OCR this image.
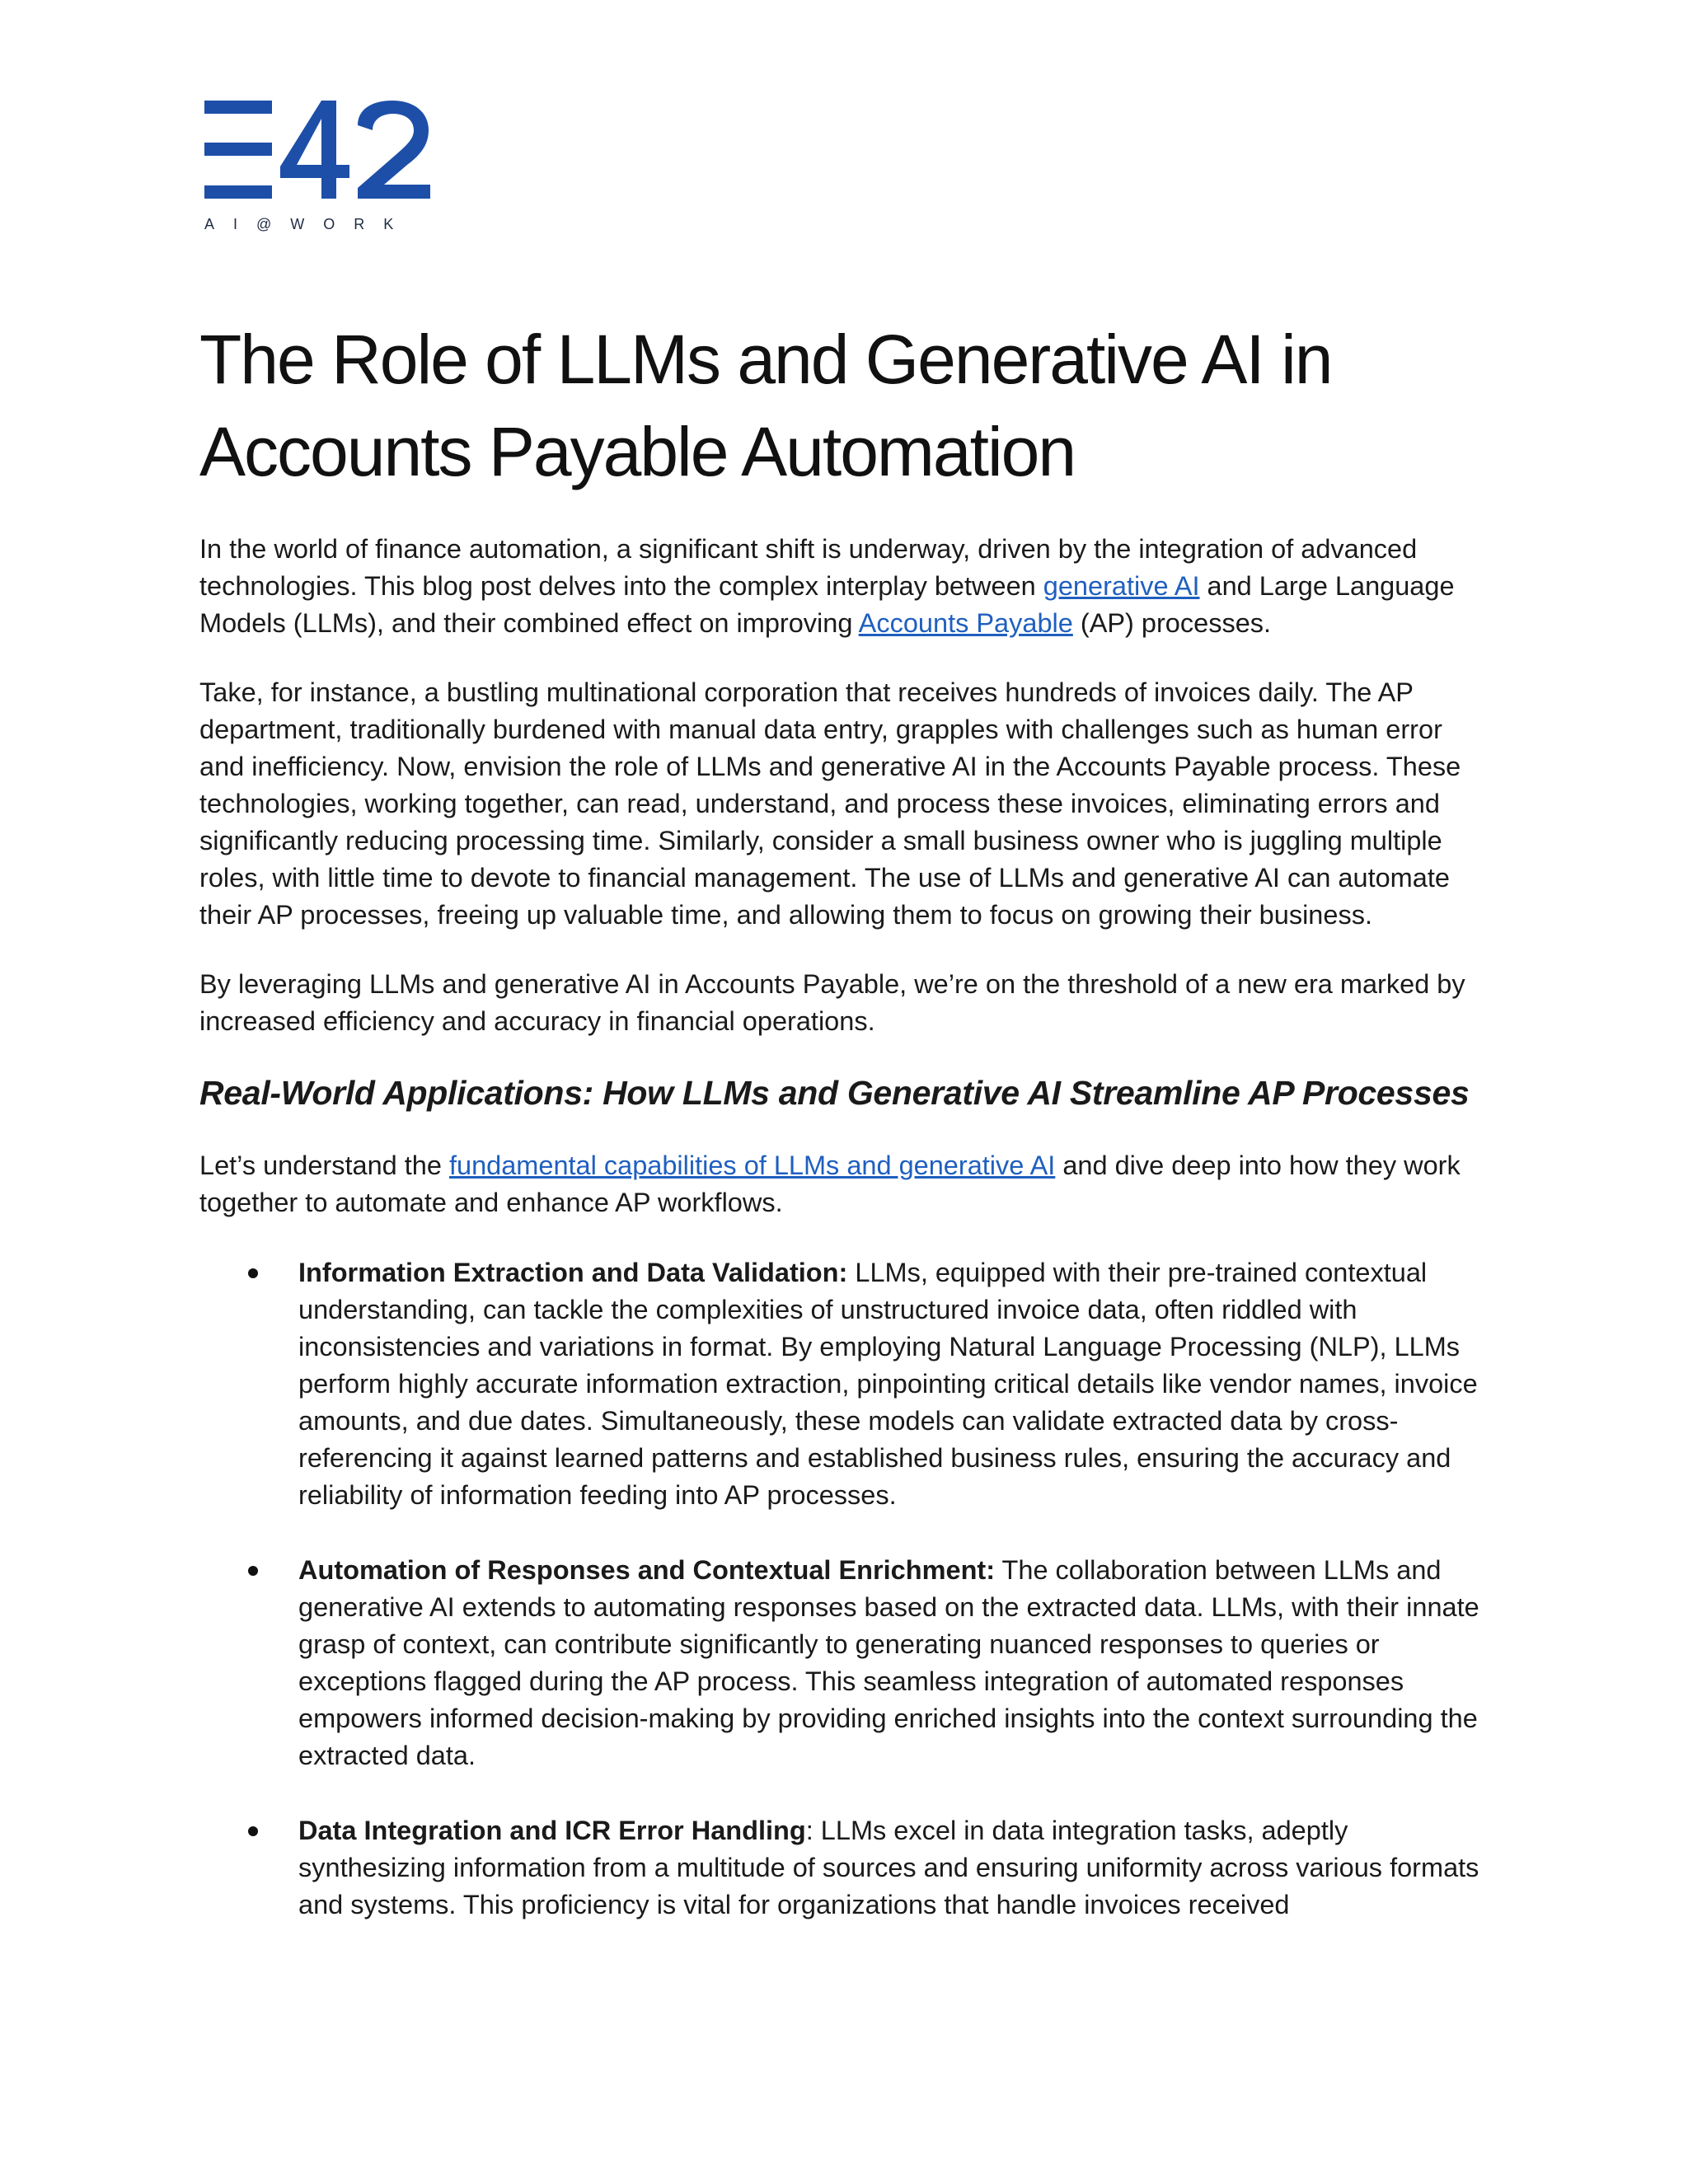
AI@WORK
The Role of LLMs and Generative AI in Accounts Payable Automation

In the world of finance automation, a significant shift is underway, driven by the integration of advanced technologies. This blog post delves into the complex interplay between generative AI and Large Language Models (LLMs), and their combined effect on improving Accounts Payable (AP) processes.

Take, for instance, a bustling multinational corporation that receives hundreds of invoices daily. The AP department, traditionally burdened with manual data entry, grapples with challenges such as human error and inefficiency. Now, envision the role of LLMs and generative AI in the Accounts Payable process. These technologies, working together, can read, understand, and process these invoices, eliminating errors and significantly reducing processing time. Similarly, consider a small business owner who is juggling multiple roles, with little time to devote to financial management. The use of LLMs and generative AI can automate their AP processes, freeing up valuable time, and allowing them to focus on growing their business.

By leveraging LLMs and generative AI in Accounts Payable, we’re on the threshold of a new era marked by increased efficiency and accuracy in financial operations.

Real-World Applications: How LLMs and Generative AI Streamline AP Processes

Let’s understand the fundamental capabilities of LLMs and generative AI and dive deep into how they work together to automate and enhance AP workflows.

Information Extraction and Data Validation: LLMs, equipped with their pre-trained contextual understanding, can tackle the complexities of unstructured invoice data, often riddled with inconsistencies and variations in format. By employing Natural Language Processing (NLP), LLMs perform highly accurate information extraction, pinpointing critical details like vendor names, invoice amounts, and due dates. Simultaneously, these models can validate extracted data by cross-referencing it against learned patterns and established business rules, ensuring the accuracy and reliability of information feeding into AP processes.
Automation of Responses and Contextual Enrichment: The collaboration between LLMs and generative AI extends to automating responses based on the extracted data. LLMs, with their innate grasp of context, can contribute significantly to generating nuanced responses to queries or exceptions flagged during the AP process. This seamless integration of automated responses empowers informed decision-making by providing enriched insights into the context surrounding the extracted data.
Data Integration and ICR Error Handling: LLMs excel in data integration tasks, adeptly synthesizing information from a multitude of sources and ensuring uniformity across various formats and systems. This proficiency is vital for organizations that handle invoices received
